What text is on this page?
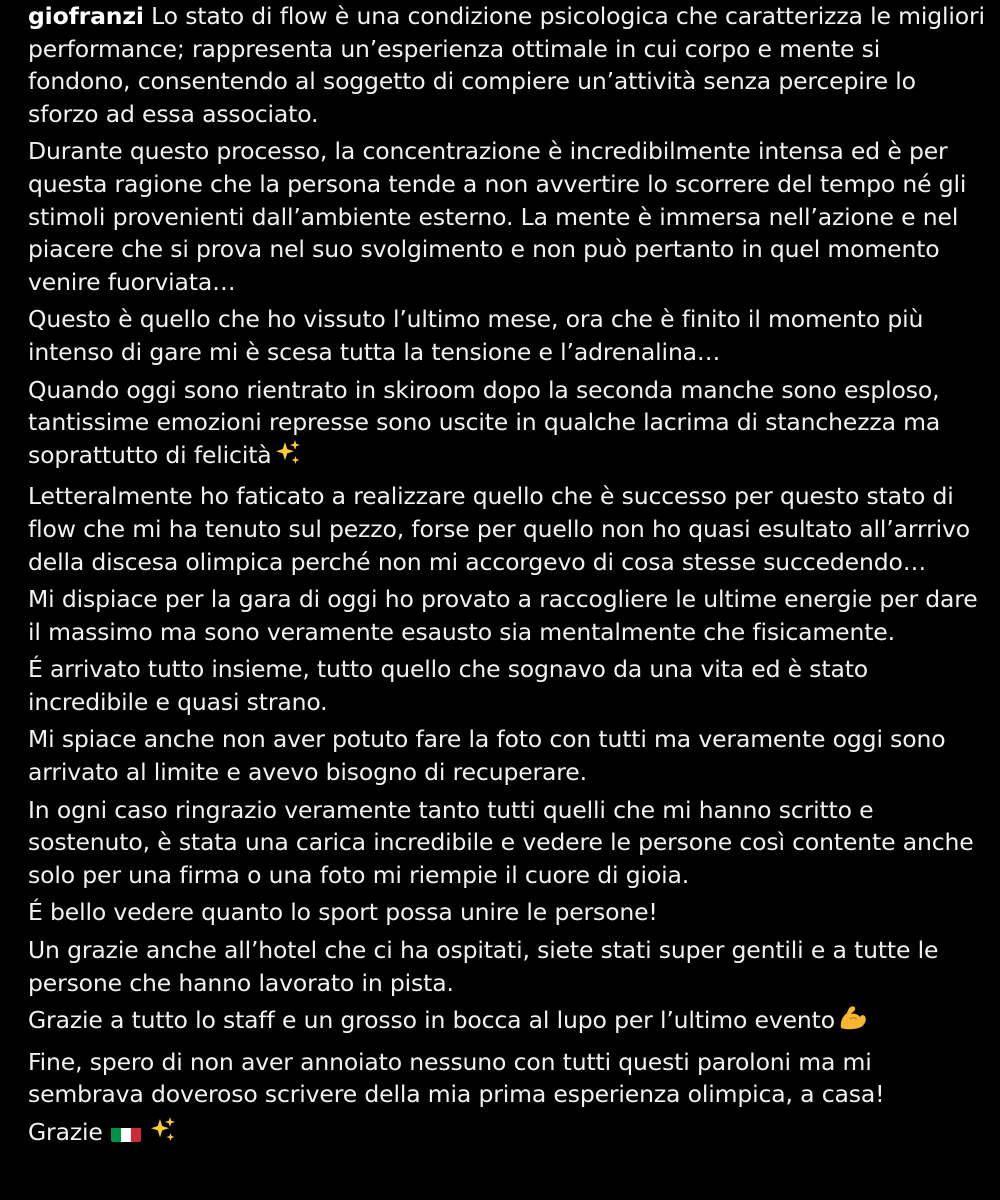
giofranzi Lo stato di flow è una condizione psicologica che caratterizza le migliori performance; rappresenta un’esperienza ottimale in cui corpo e mente si fondono, consentendo al soggetto di compiere un’attività senza percepire lo sforzo ad essa associato.

Durante questo processo, la concentrazione è incredibilmente intensa ed è per questa ragione che la persona tende a non avvertire lo scorrere del tempo né gli stimoli provenienti dall’ambiente esterno. La mente è immersa nell’azione e nel piacere che si prova nel suo svolgimento e non può pertanto in quel momento venire fuorviata…

Questo è quello che ho vissuto l’ultimo mese, ora che è finito il momento più intenso di gare mi è scesa tutta la tensione e l’adrenalina…

Quando oggi sono rientrato in skiroom dopo la seconda manche sono esploso, tantissime emozioni represse sono uscite in qualche lacrima di stanchezza ma soprattutto di felicità

Letteralmente ho faticato a realizzare quello che è successo per questo stato di flow che mi ha tenuto sul pezzo, forse per quello non ho quasi esultato all’arrrivo della discesa olimpica perché non mi accorgevo di cosa stesse succedendo…

Mi dispiace per la gara di oggi ho provato a raccogliere le ultime energie per dare il massimo ma sono veramente esausto sia mentalmente che fisicamente.

É arrivato tutto insieme, tutto quello che sognavo da una vita ed è stato incredibile e quasi strano.

Mi spiace anche non aver potuto fare la foto con tutti ma veramente oggi sono arrivato al limite e avevo bisogno di recuperare.

In ogni caso ringrazio veramente tanto tutti quelli che mi hanno scritto e sostenuto, è stata una carica incredibile e vedere le persone così contente anche solo per una firma o una foto mi riempie il cuore di gioia.

É bello vedere quanto lo sport possa unire le persone!

Un grazie anche all’hotel che ci ha ospitati, siete stati super gentili e a tutte le persone che hanno lavorato in pista.

Grazie a tutto lo staff e un grosso in bocca al lupo per l’ultimo evento

Fine, spero di non aver annoiato nessuno con tutti questi paroloni ma mi sembrava doveroso scrivere della mia prima esperienza olimpica, a casa!

Grazie
